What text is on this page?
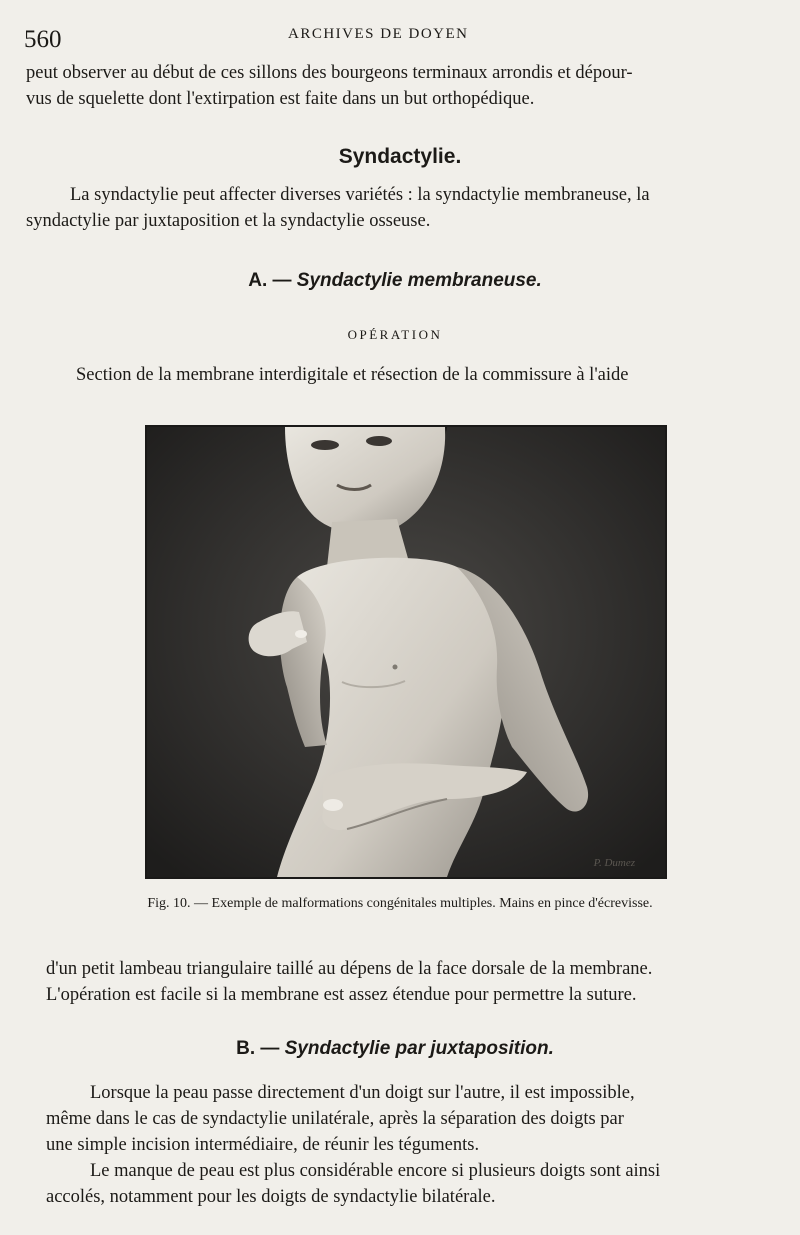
560	ARCHIVES DE DOYEN
peut observer au début de ces sillons des bourgeons terminaux arrondis et dépour-
vus de squelette dont l'extirpation est faite dans un but orthopédique.
Syndactylie.
La syndactylie peut affecter diverses variétés : la syndactylie membraneuse, la
syndactylie par juxtaposition et la syndactylie osseuse.
A. — Syndactylie membraneuse.
OPÉRATION
Section de la membrane interdigitale et résection de la commissure à l'aide
P. Dumez
Fig. 10. — Exemple de malformations congénitales multiples. Mains en pince d'écrevisse.
d'un petit lambeau triangulaire taillé au dépens de la face dorsale de la membrane.
L'opération est facile si la membrane est assez étendue pour permettre la suture.
B. — Syndactylie par juxtaposition.
Lorsque la peau passe directement d'un doigt sur l'autre, il est impossible,
même dans le cas de syndactylie unilatérale, après la séparation des doigts par
une simple incision intermédiaire, de réunir les téguments.
Le manque de peau est plus considérable encore si plusieurs doigts sont ainsi
accolés, notamment pour les doigts de syndactylie bilatérale.
